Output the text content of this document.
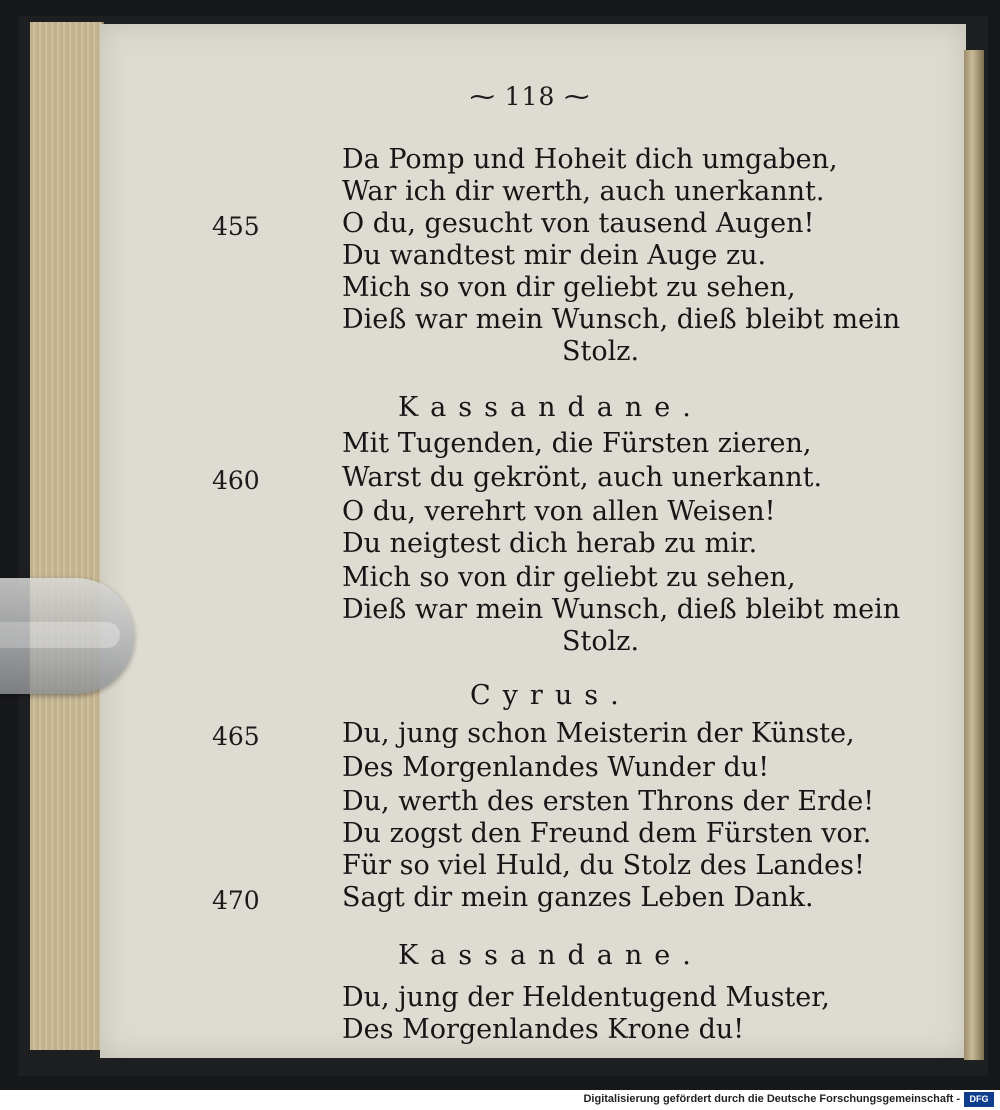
⁓ 118 ⁓
Da Pomp und Hoheit dich umgaben,
War ich dir werth, auch unerkannt.
455	O du, gesucht von tausend Augen!
Du wandtest mir dein Auge zu.
Mich so von dir geliebt zu sehen,
Dieß war mein Wunsch, dieß bleibt mein
Stolz.
Kassandane.
Mit Tugenden, die Fürsten zieren,
460	Warst du gekrönt, auch unerkannt.
O du, verehrt von allen Weisen!
Du neigtest dich herab zu mir.
Mich so von dir geliebt zu sehen,
Dieß war mein Wunsch, dieß bleibt mein
Stolz.
Cyrus.
465	Du, jung schon Meisterin der Künste,
Des Morgenlandes Wunder du!
Du, werth des ersten Throns der Erde!
Du zogst den Freund dem Fürsten vor.
Für so viel Huld, du Stolz des Landes!
470	Sagt dir mein ganzes Leben Dank.
Kassandane.
Du, jung der Heldentugend Muster,
Des Morgenlandes Krone du!
Digitalisierung gefördert durch die Deutsche Forschungsgemeinschaft -	DFG
